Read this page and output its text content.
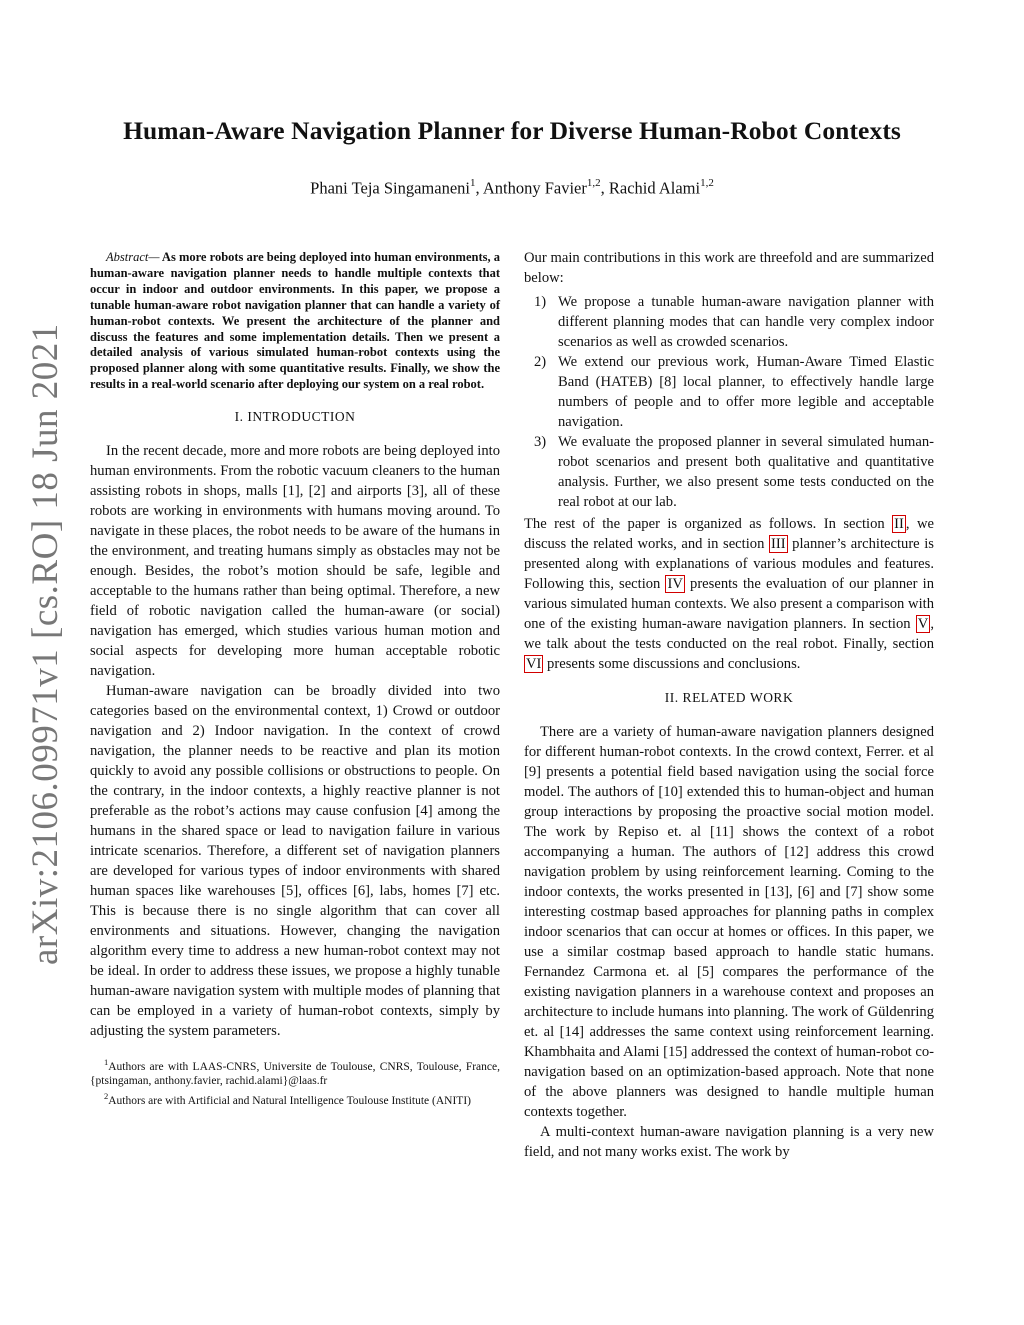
arXiv:2106.09971v1 [cs.RO] 18 Jun 2021
Human-Aware Navigation Planner for Diverse Human-Robot Contexts
Phani Teja Singamaneni$^1$, Anthony Favier$^{1,2}$, Rachid Alami$^{1,2}$

Abstract— As more robots are being deployed into human environments, a human-aware navigation planner needs to handle multiple contexts that occur in indoor and outdoor environments. In this paper, we propose a tunable human-aware robot navigation planner that can handle a variety of human-robot contexts. We present the architecture of the planner and discuss the features and some implementation details. Then we present a detailed analysis of various simulated human-robot contexts using the proposed planner along with some quantitative results. Finally, we show the results in a real-world scenario after deploying our system on a real robot.

I. INTRODUCTION

In the recent decade, more and more robots are being deployed into human environments. From the robotic vacuum cleaners to the human assisting robots in shops, malls [1], [2] and airports [3], all of these robots are working in environments with humans moving around. To navigate in these places, the robot needs to be aware of the humans in the environment, and treating humans simply as obstacles may not be enough. Besides, the robot’s motion should be safe, legible and acceptable to the humans rather than being optimal. Therefore, a new field of robotic navigation called the human-aware (or social) navigation has emerged, which studies various human motion and social aspects for developing more human acceptable robotic navigation.

Human-aware navigation can be broadly divided into two categories based on the environmental context, 1) Crowd or outdoor navigation and 2) Indoor navigation. In the context of crowd navigation, the planner needs to be reactive and plan its motion quickly to avoid any possible collisions or obstructions to people. On the contrary, in the indoor contexts, a highly reactive planner is not preferable as the robot’s actions may cause confusion [4] among the humans in the shared space or lead to navigation failure in various intricate scenarios. Therefore, a different set of navigation planners are developed for various types of indoor environments with shared human spaces like warehouses [5], offices [6], labs, homes [7] etc. This is because there is no single algorithm that can cover all environments and situations. However, changing the navigation algorithm every time to address a new human-robot context may not be ideal. In order to address these issues, we propose a highly tunable human-aware navigation system with multiple modes of planning that can be employed in a variety of human-robot contexts, simply by adjusting the system parameters.

$^1$Authors are with LAAS-CNRS, Universite de Toulouse, CNRS, Toulouse, France, {ptsingaman, anthony.favier, rachid.alami}@laas.fr

$^2$Authors are with Artificial and Natural Intelligence Toulouse Institute (ANITI)

Our main contributions in this work are threefold and are summarized below:

1) We propose a tunable human-aware navigation planner with different planning modes that can handle very complex indoor scenarios as well as crowded scenarios.
2) We extend our previous work, Human-Aware Timed Elastic Band (HATEB) [8] local planner, to effectively handle large numbers of people and to offer more legible and acceptable navigation.
3) We evaluate the proposed planner in several simulated human-robot scenarios and present both qualitative and quantitative analysis. Further, we also present some tests conducted on the real robot at our lab.

The rest of the paper is organized as follows. In section II , we discuss the related works, and in section III planner’s architecture is presented along with explanations of various modules and features. Following this, section IV presents the evaluation of our planner in various simulated human contexts. We also present a comparison with one of the existing human-aware navigation planners. In section V , we talk about the tests conducted on the real robot. Finally, section VI presents some discussions and conclusions.

II. RELATED WORK

There are a variety of human-aware navigation planners designed for different human-robot contexts. In the crowd context, Ferrer. et al [9] presents a potential field based navigation using the social force model. The authors of [10] extended this to human-object and human group interactions by proposing the proactive social motion model. The work by Repiso et. al [11] shows the context of a robot accompanying a human. The authors of [12] address this crowd navigation problem by using reinforcement learning. Coming to the indoor contexts, the works presented in [13], [6] and [7] show some interesting costmap based approaches for planning paths in complex indoor scenarios that can occur at homes or offices. In this paper, we use a similar costmap based approach to handle static humans. Fernandez Carmona et. al [5] compares the performance of the existing navigation planners in a warehouse context and proposes an architecture to include humans into planning. The work of Güldenring et. al [14] addresses the same context using reinforcement learning. Khambhaita and Alami [15] addressed the context of human-robot co-navigation based on an optimization-based approach. Note that none of the above planners was designed to handle multiple human contexts together.

A multi-context human-aware navigation planning is a very new field, and not many works exist. The work by
